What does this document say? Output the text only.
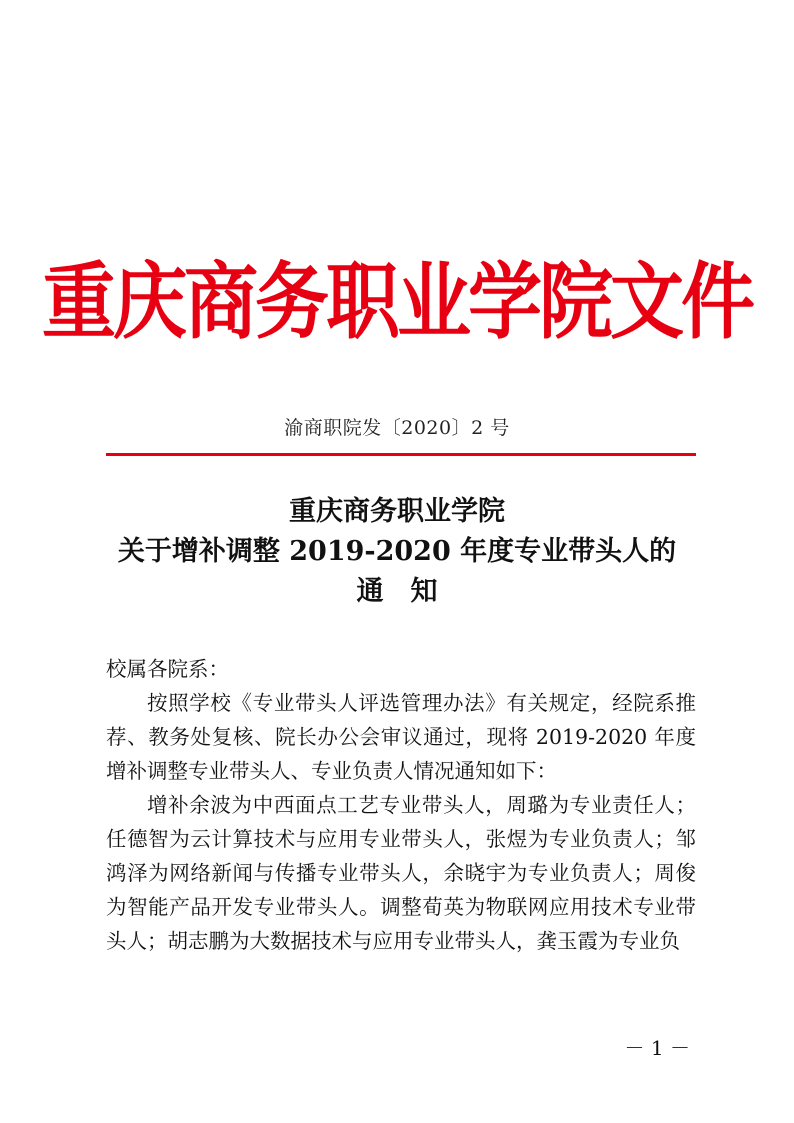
重庆商务职业学院文件
渝商职院发〔2020〕2 号
重庆商务职业学院
关于增补调整 2019-2020 年度专业带头人的
通　知

校属各院系：

按照学校《专业带头人评选管理办法》有关规定，经院系推荐、教务处复核、院长办公会审议通过，现将 2019-2020 年度增补调整专业带头人、专业负责人情况通知如下：

增补余波为中西面点工艺专业带头人，周璐为专业责任人；任德智为云计算技术与应用专业带头人，张煜为专业负责人；邹鸿泽为网络新闻与传播专业带头人，余晓宇为专业负责人；周俊为智能产品开发专业带头人。调整荀英为物联网应用技术专业带头人；胡志鹏为大数据技术与应用专业带头人，龚玉霞为专业负

－ 1 －
